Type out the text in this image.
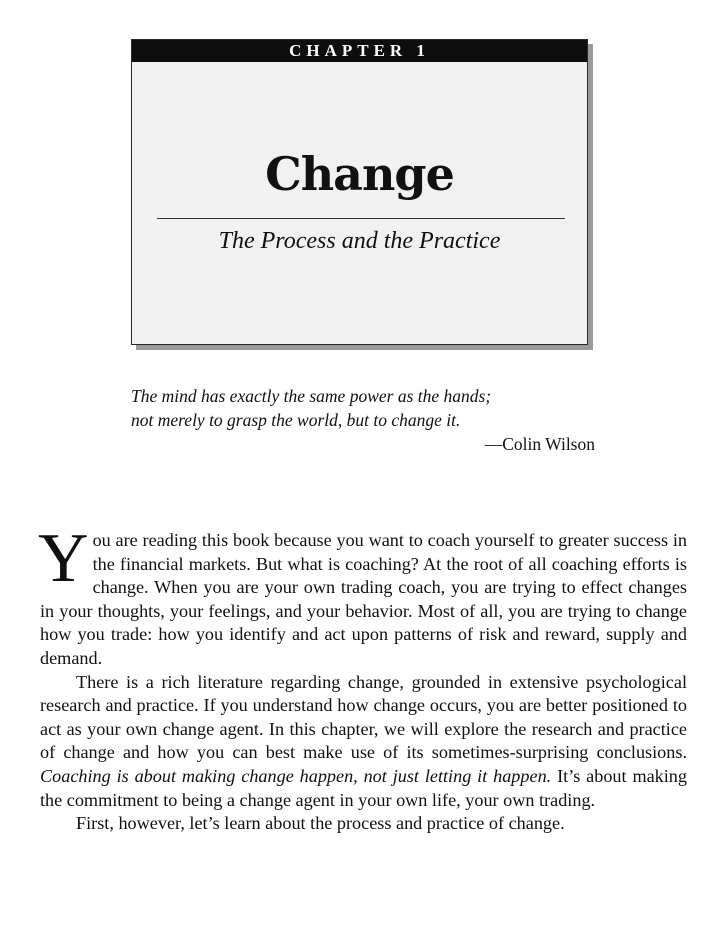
CHAPTER 1
Change
The Process and the Practice
The mind has exactly the same power as the hands;
not merely to grasp the world, but to change it.
—Colin Wilson

You are reading this book because you want to coach yourself to greater success in the financial markets. But what is coaching? At the root of all coaching efforts is change. When you are your own trading coach, you are trying to effect changes in your thoughts, your feelings, and your behavior. Most of all, you are trying to change how you trade: how you identify and act upon patterns of risk and reward, supply and demand.

There is a rich literature regarding change, grounded in extensive psychological research and practice. If you understand how change occurs, you are better positioned to act as your own change agent. In this chapter, we will explore the research and practice of change and how you can best make use of its sometimes-surprising conclusions. Coaching is about making change happen, not just letting it happen. It’s about making the commitment to being a change agent in your own life, your own trading.

First, however, let’s learn about the process and practice of change.
